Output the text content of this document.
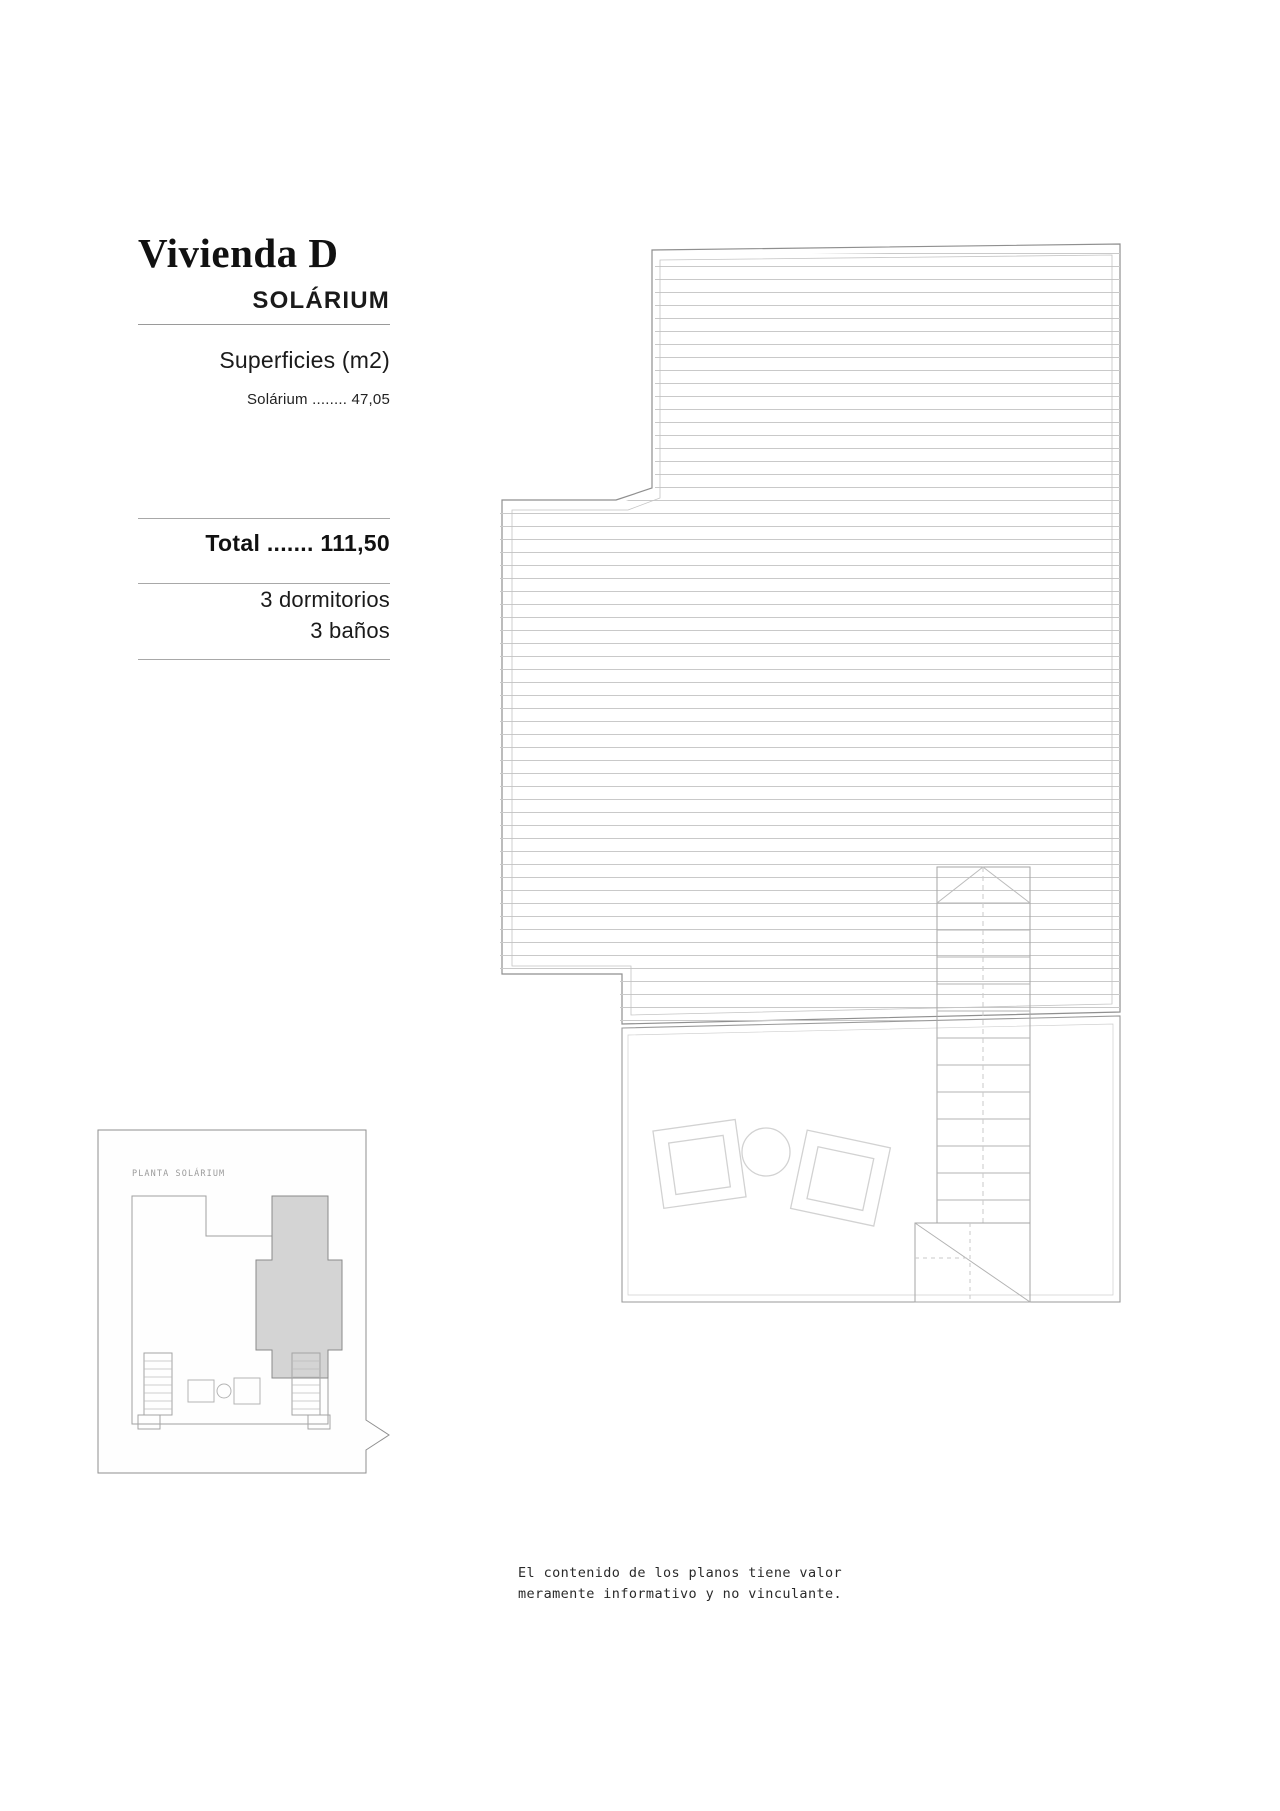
Vivienda D
SOLÁRIUM
Superficies (m2)
Solárium ........ 47,05
Total ....... 111,50
3 dormitorios
3 baños
PLANTA SOLÁRIUM
El contenido de los planos tiene valor
meramente informativo y no vinculante.
